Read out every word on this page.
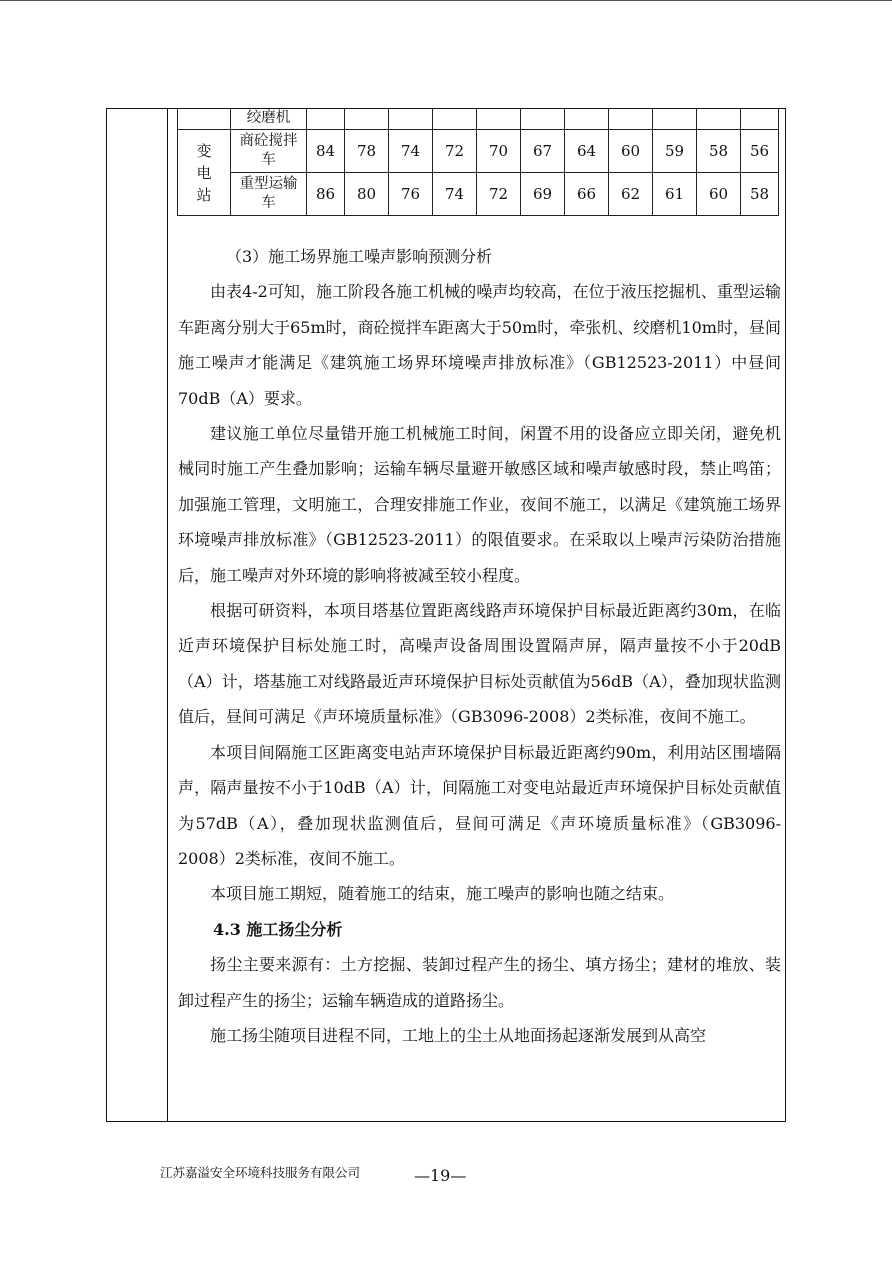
	绞磨机											
变电站	商砼搅拌车	84	78	74	72	70	67	64	60	59	58	56
	重型运输车	86	80	76	74	72	69	66	62	61	60	58

（3）施工场界施工噪声影响预测分析

由表4-2可知，施工阶段各施工机械的噪声均较高，在位于液压挖掘机、重型运输车距离分别大于65m时，商砼搅拌车距离大于50m时，牵张机、绞磨机10m时，昼间施工噪声才能满足《建筑施工场界环境噪声排放标准》（GB12523-2011）中昼间70dB（A）要求。

建议施工单位尽量错开施工机械施工时间，闲置不用的设备应立即关闭，避免机械同时施工产生叠加影响；运输车辆尽量避开敏感区域和噪声敏感时段，禁止鸣笛；加强施工管理，文明施工，合理安排施工作业，夜间不施工，以满足《建筑施工场界环境噪声排放标准》（GB12523-2011）的限值要求。在采取以上噪声污染防治措施后，施工噪声对外环境的影响将被减至较小程度。

根据可研资料，本项目塔基位置距离线路声环境保护目标最近距离约30m，在临近声环境保护目标处施工时，高噪声设备周围设置隔声屏，隔声量按不小于20dB（A）计，塔基施工对线路最近声环境保护目标处贡献值为56dB（A），叠加现状监测值后，昼间可满足《声环境质量标准》（GB3096-2008）2类标准，夜间不施工。

本项目间隔施工区距离变电站声环境保护目标最近距离约90m，利用站区围墙隔声，隔声量按不小于10dB（A）计，间隔施工对变电站最近声环境保护目标处贡献值为57dB（A），叠加现状监测值后，昼间可满足《声环境质量标准》（GB3096-2008）2类标准，夜间不施工。

本项目施工期短，随着施工的结束，施工噪声的影响也随之结束。

4.3 施工扬尘分析

扬尘主要来源有：土方挖掘、装卸过程产生的扬尘、填方扬尘；建材的堆放、装卸过程产生的扬尘；运输车辆造成的道路扬尘。

施工扬尘随项目进程不同，工地上的尘土从地面扬起逐渐发展到从高空

江苏嘉溢安全环境科技服务有限公司	—19—
